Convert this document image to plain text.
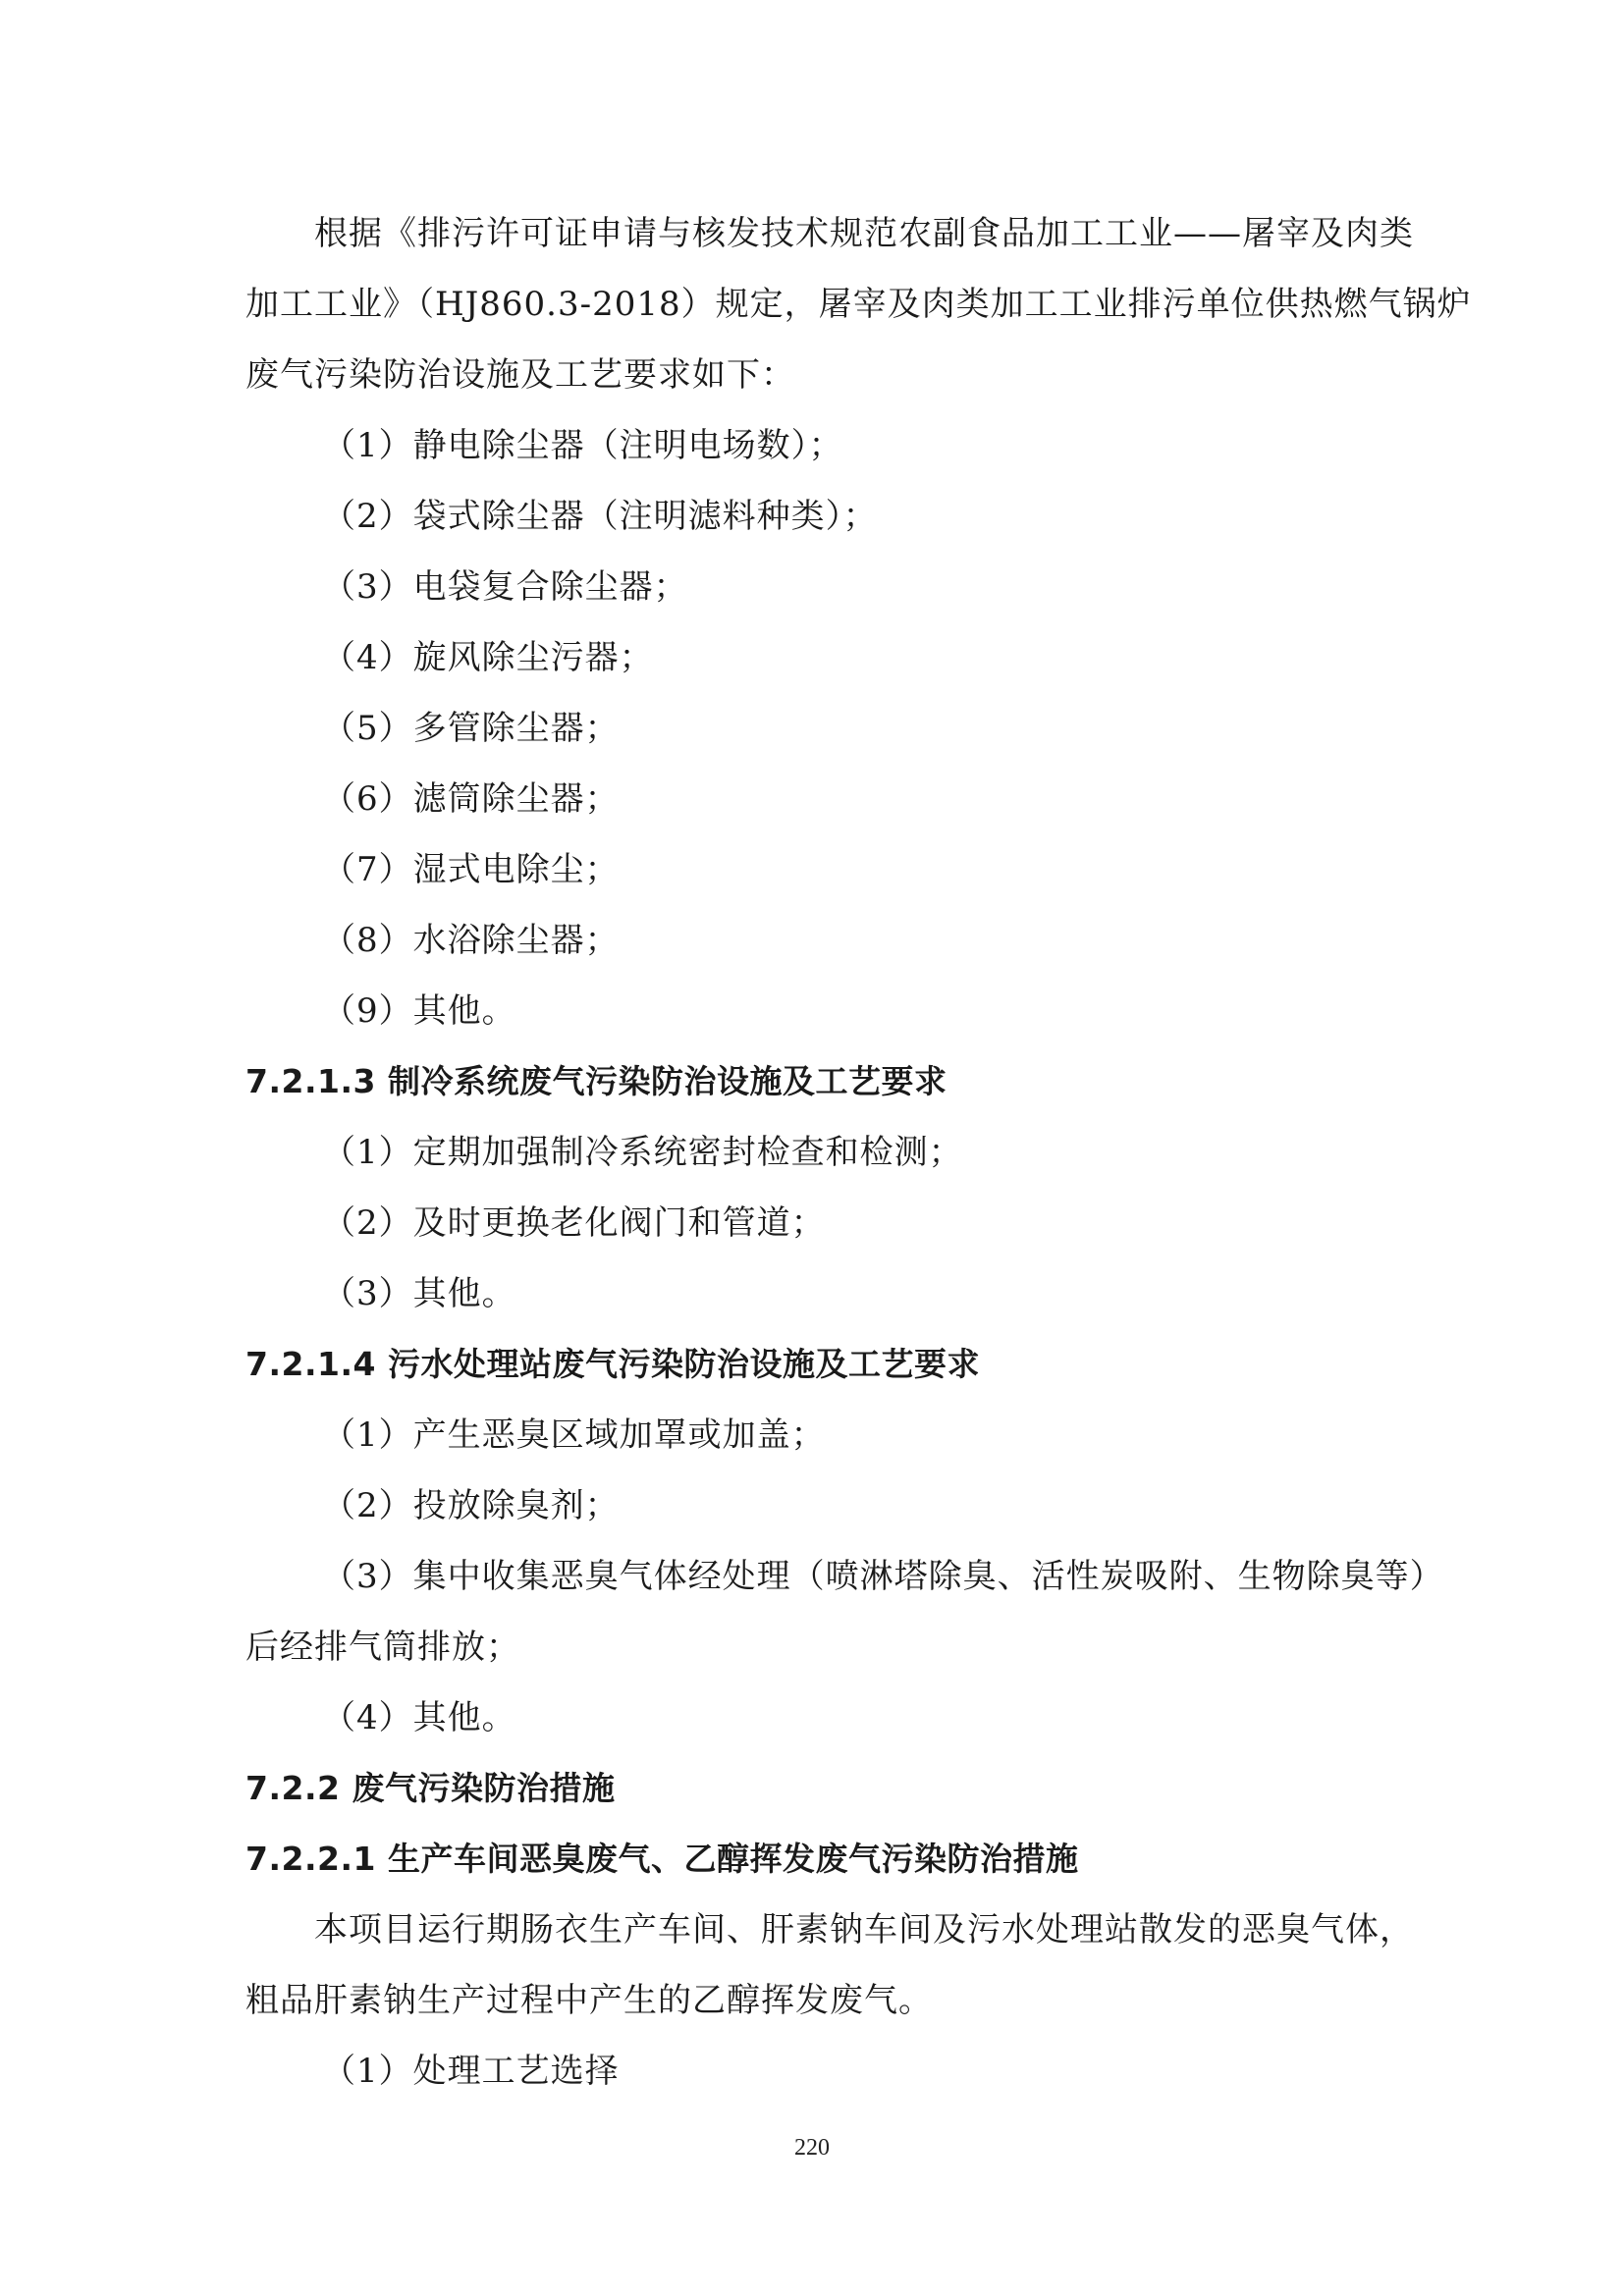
根据《排污许可证申请与核发技术规范农副食品加工工业——屠宰及肉类
加工工业》（HJ860.3-2018）规定，屠宰及肉类加工工业排污单位供热燃气锅炉
废气污染防治设施及工艺要求如下：
（1）静电除尘器（注明电场数）；
（2）袋式除尘器（注明滤料种类）；
（3）电袋复合除尘器；
（4）旋风除尘污器；
（5）多管除尘器；
（6）滤筒除尘器；
（7）湿式电除尘；
（8）水浴除尘器；
（9）其他。
7.2.1.3 制冷系统废气污染防治设施及工艺要求
（1）定期加强制冷系统密封检查和检测；
（2）及时更换老化阀门和管道；
（3）其他。
7.2.1.4 污水处理站废气污染防治设施及工艺要求
（1）产生恶臭区域加罩或加盖；
（2）投放除臭剂；
（3）集中收集恶臭气体经处理（喷淋塔除臭、活性炭吸附、生物除臭等）
后经排气筒排放；
（4）其他。
7.2.2 废气污染防治措施
7.2.2.1 生产车间恶臭废气、乙醇挥发废气污染防治措施
本项目运行期肠衣生产车间、肝素钠车间及污水处理站散发的恶臭气体，
粗品肝素钠生产过程中产生的乙醇挥发废气。
（1）处理工艺选择
220
